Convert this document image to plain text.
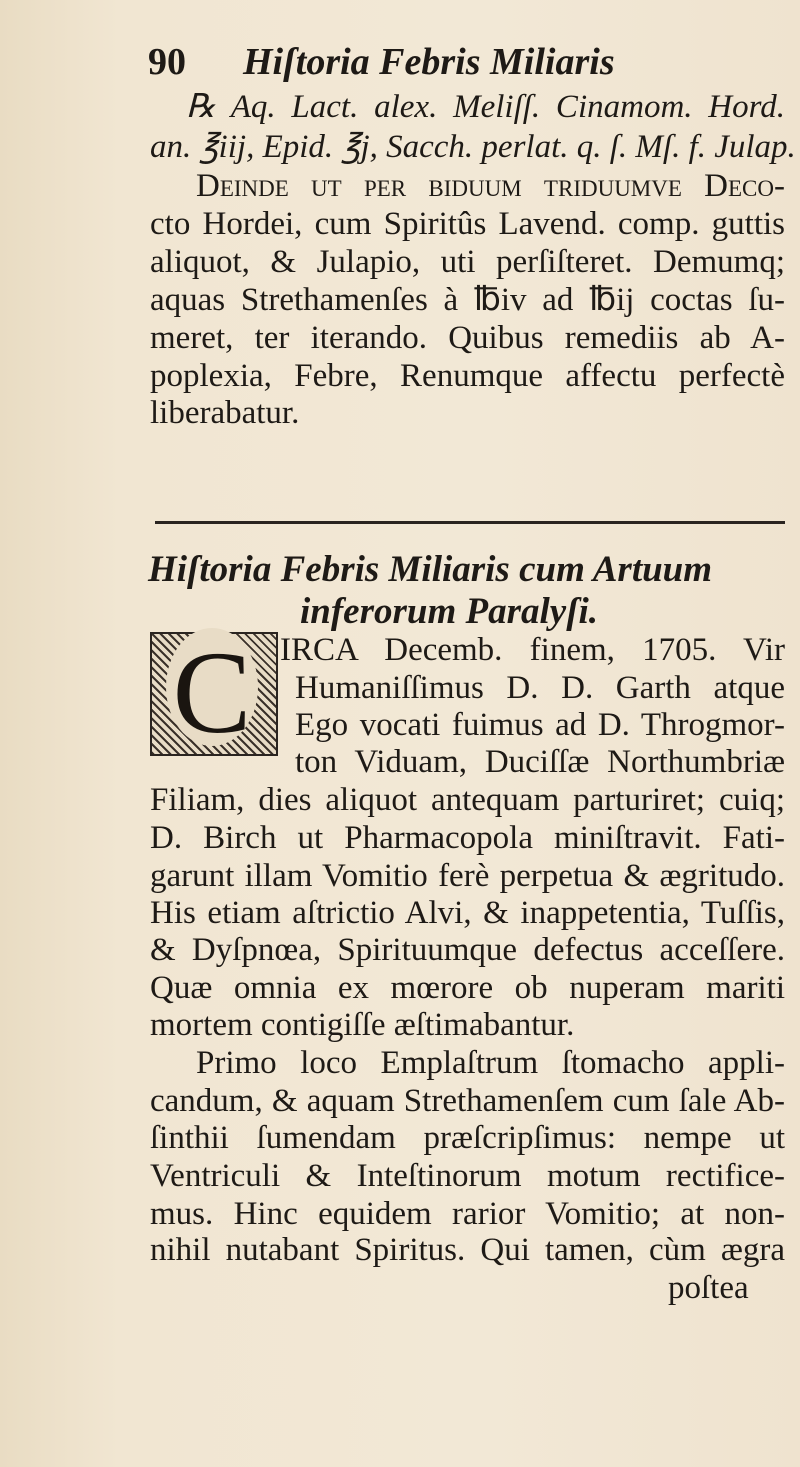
90 Hiſtoria Febris Miliaris
℞ Aq. Lact. alex. Meliſſ. Cinamom. Hord.
an. ℥iij, Epid. ℥j, Sacch. perlat. q. ſ. Mſ. f. Julap.
Deinde ut per biduum triduumve Deco-
cto Hordei, cum Spiritûs Lavend. comp. guttis
aliquot, & Julapio, uti perſiſteret. Demumq;
aquas Strethamenſes à ℔iv ad ℔ij coctas ſu-
meret, ter iterando. Quibus remediis ab A-
poplexia, Febre, Renumque affectu perfectè
liberabatur.
Hiſtoria Febris Miliaris cum Artuum
inferorum Paralyſi.
C IRCA Decemb. finem, 1705. Vir
Humaniſſimus D. D. Garth atque
Ego vocati fuimus ad D. Throgmor-
ton Viduam, Duciſſæ Northumbriæ
Filiam, dies aliquot antequam parturiret; cuiq;
D. Birch ut Pharmacopola miniſtravit. Fati-
garunt illam Vomitio ferè perpetua & ægritudo.
His etiam aſtrictio Alvi, & inappetentia, Tuſſis,
& Dyſpnœa, Spirituumque defectus acceſſere.
Quæ omnia ex mœrore ob nuperam mariti
mortem contigiſſe æſtimabantur.
Primo loco Emplaſtrum ſtomacho appli-
candum, & aquam Strethamenſem cum ſale Ab-
ſinthii ſumendam præſcripſimus: nempe ut
Ventriculi & Inteſtinorum motum rectifice-
mus. Hinc equidem rarior Vomitio; at non-
nihil nutabant Spiritus. Qui tamen, cùm ægra
poſtea
